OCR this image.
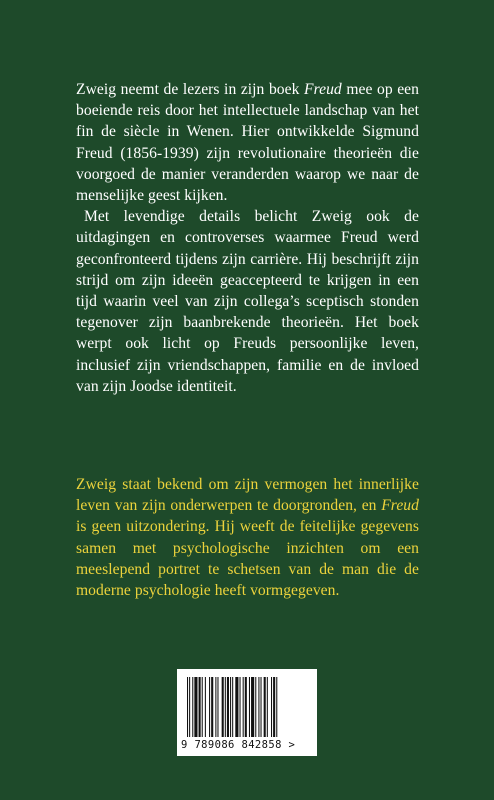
Zweig neemt de lezers in zijn boek Freud mee op een boeiende reis door het intellectuele landschap van het fin de siècle in Wenen. Hier ontwikkelde Sigmund Freud (1856-1939) zijn revolutionaire theorieën die voorgoed de manier veranderden waarop we naar de menselijke geest kijken.

Met levendige details belicht Zweig ook de uitdagingen en controverses waarmee Freud werd geconfronteerd tijdens zijn carrière. Hij beschrijft zijn strijd om zijn ideeën geaccepteerd te krijgen in een tijd waarin veel van zijn collega’s sceptisch stonden tegenover zijn baanbrekende theorieën. Het boek werpt ook licht op Freuds persoonlijke leven, inclusief zijn vriendschappen, familie en de invloed van zijn Joodse identiteit.

Zweig staat bekend om zijn vermogen het innerlijke leven van zijn onderwerpen te doorgronden, en Freud is geen uitzondering. Hij weeft de feitelijke gegevens samen met psychologische inzichten om een meeslepend portret te schetsen van de man die de moderne psychologie heeft vormgegeven.

9 789086 842858 >
